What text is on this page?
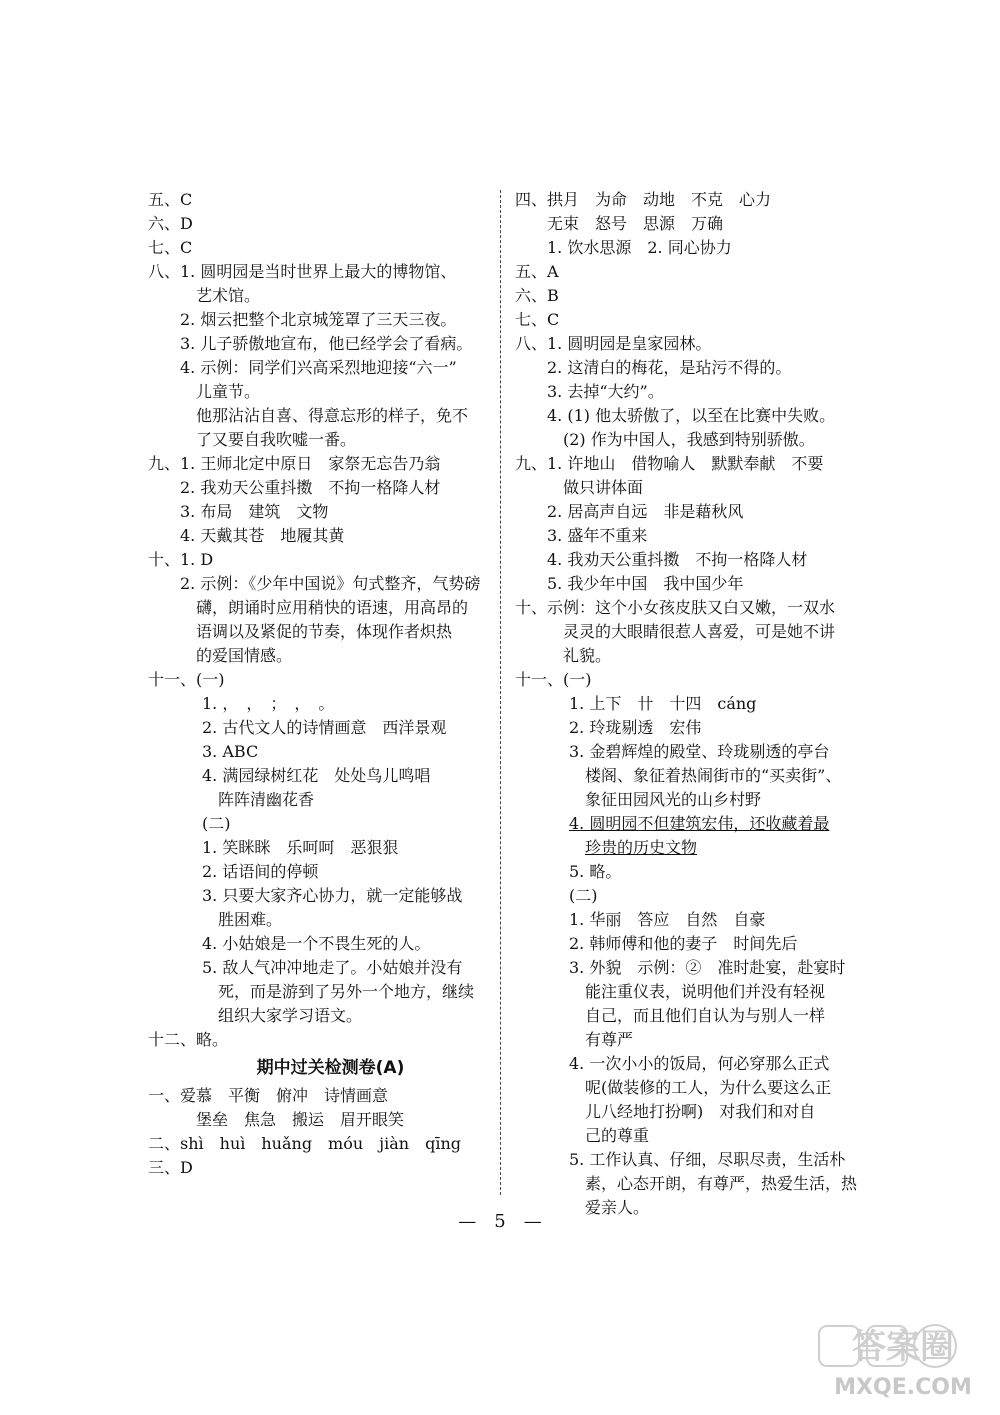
五、C
六、D
七、C
八、1. 圆明园是当时世界上最大的博物馆、
艺术馆。
2. 烟云把整个北京城笼罩了三天三夜。
3. 儿子骄傲地宣布，他已经学会了看病。
4. 示例：同学们兴高采烈地迎接“六一”
儿童节。
他那沾沾自喜、得意忘形的样子，免不
了又要自我吹嘘一番。
九、1. 王师北定中原日　家祭无忘告乃翁
2. 我劝天公重抖擞　不拘一格降人材
3. 布局　建筑　文物
4. 天戴其苍　地履其黄
十、1. D
2. 示例：《少年中国说》句式整齐，气势磅
礴，朗诵时应用稍快的语速，用高昂的
语调以及紧促的节奏，体现作者炽热
的爱国情感。
十一、(一)
1. ，　，　；　，　。
2. 古代文人的诗情画意　西洋景观
3. ABC
4. 满园绿树红花　处处鸟儿鸣唱
阵阵清幽花香
(二)
1. 笑眯眯　乐呵呵　恶狠狠
2. 话语间的停顿
3. 只要大家齐心协力，就一定能够战
胜困难。
4. 小姑娘是一个不畏生死的人。
5. 敌人气冲冲地走了。小姑娘并没有
死，而是游到了另外一个地方，继续
组织大家学习语文。
十二、略。
期中过关检测卷(A)
一、爱慕　平衡　俯冲　诗情画意
堡垒　焦急　搬运　眉开眼笑
二、shì　huì　huǎng　móu　jiàn　qīng
三、D
四、拱月　为命　动地　不克　心力
无束　怒号　思源　万确
1. 饮水思源　2. 同心协力
五、A
六、B
七、C
八、1. 圆明园是皇家园林。
2. 这清白的梅花，是玷污不得的。
3. 去掉“大约”。
4. (1) 他太骄傲了，以至在比赛中失败。
(2) 作为中国人，我感到特别骄傲。
九、1. 许地山　借物喻人　默默奉献　不要
做只讲体面
2. 居高声自远　非是藉秋风
3. 盛年不重来
4. 我劝天公重抖擞　不拘一格降人材
5. 我少年中国　我中国少年
十、示例：这个小女孩皮肤又白又嫩，一双水
灵灵的大眼睛很惹人喜爱，可是她不讲
礼貌。
十一、(一)
1. 上下　卄　十四　cáng
2. 玲珑剔透　宏伟
3. 金碧辉煌的殿堂、玲珑剔透的亭台
楼阁、象征着热闹街市的“买卖街”、
象征田园风光的山乡村野
4. 圆明园不但建筑宏伟，还收藏着最
珍贵的历史文物
5. 略。
(二)
1. 华丽　答应　自然　自豪
2. 韩师傅和他的妻子　时间先后
3. 外貌　示例：②　准时赴宴，赴宴时
能注重仪表，说明他们并没有轻视
自己，而且他们自认为与别人一样
有尊严
4. 一次小小的饭局，何必穿那么正式
呢(做装修的工人，为什么要这么正
儿八经地打扮啊)　对我们和对自
己的尊重
5. 工作认真、仔细，尽职尽责，生活朴
素，心态开朗，有尊严，热爱生活，热
爱亲人。
—　5　—
答案圈
MXQE.COM
